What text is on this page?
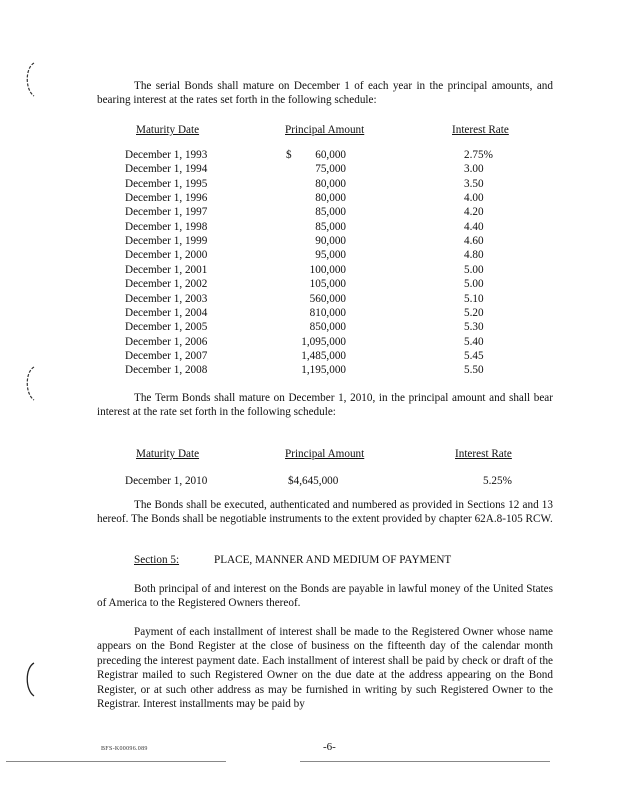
The serial Bonds shall mature on December 1 of each year in the principal amounts, and bearing interest at the rates set forth in the following schedule:
Maturity Date	Principal Amount	Interest Rate
$
December 1, 1993	60,000	2.75%
December 1, 1994	75,000	3.00
December 1, 1995	80,000	3.50
December 1, 1996	80,000	4.00
December 1, 1997	85,000	4.20
December 1, 1998	85,000	4.40
December 1, 1999	90,000	4.60
December 1, 2000	95,000	4.80
December 1, 2001	100,000	5.00
December 1, 2002	105,000	5.00
December 1, 2003	560,000	5.10
December 1, 2004	810,000	5.20
December 1, 2005	850,000	5.30
December 1, 2006	1,095,000	5.40
December 1, 2007	1,485,000	5.45
December 1, 2008	1,195,000	5.50
The Term Bonds shall mature on December 1, 2010, in the principal amount and shall bear interest at the rate set forth in the following schedule:
Maturity Date	Principal Amount	Interest Rate
December 1, 2010	$4,645,000	5.25%
The Bonds shall be executed, authenticated and numbered as provided in Sections 12 and 13 hereof. The Bonds shall be negotiable instruments to the extent provided by chapter 62A.8-105 RCW.
Section 5:	PLACE, MANNER AND MEDIUM OF PAYMENT
Both principal of and interest on the Bonds are payable in lawful money of the United States of America to the Registered Owners thereof.
Payment of each installment of interest shall be made to the Registered Owner whose name appears on the Bond Register at the close of business on the fifteenth day of the calendar month preceding the interest payment date. Each installment of interest shall be paid by check or draft of the Registrar mailed to such Registered Owner on the due date at the address appearing on the Bond Register, or at such other address as may be furnished in writing by such Registered Owner to the Registrar. Interest installments may be paid by
BFS-K00096.089	-6-
